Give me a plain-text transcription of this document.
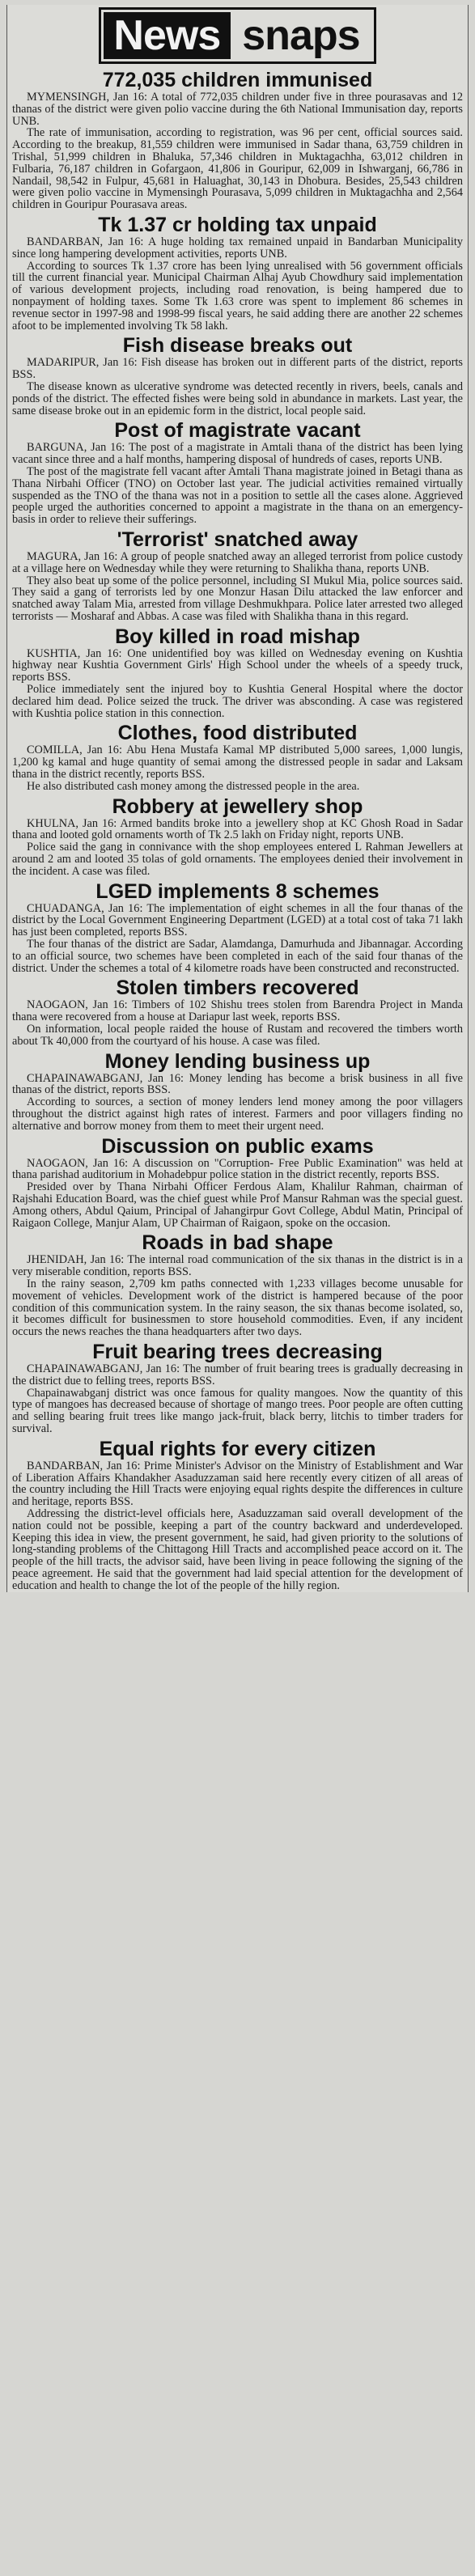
News snaps
772,035 children immunised

MYMENSINGH, Jan 16: A total of 772,035 children under five in three pourasavas and 12 thanas of the district were given polio vaccine during the 6th National Immunisation day, reports UNB.

The rate of immunisation, according to registration, was 96 per cent, official sources said. According to the breakup, 81,559 children were immunised in Sadar thana, 63,759 children in Trishal, 51,999 children in Bhaluka, 57,346 children in Muktagachha, 63,012 children in Fulbaria, 76,187 children in Gofargaon, 41,806 in Gouripur, 62,009 in Ishwarganj, 66,786 in Nandail, 98,542 in Fulpur, 45,681 in Haluaghat, 30,143 in Dhobura. Besides, 25,543 children were given polio vaccine in Mymensingh Pourasava, 5,099 children in Muktagachha and 2,564 children in Gouripur Pourasava areas.

Tk 1.37 cr holding tax unpaid

BANDARBAN, Jan 16: A huge holding tax remained unpaid in Bandarban Municipality since long hampering development activities, reports UNB.

According to sources Tk 1.37 crore has been lying unrealised with 56 government officials till the current financial year. Municipal Chairman Alhaj Ayub Chowdhury said implementation of various development projects, including road renovation, is being hampered due to nonpayment of holding taxes. Some Tk 1.63 crore was spent to implement 86 schemes in revenue sector in 1997-98 and 1998-99 fiscal years, he said adding there are another 22 schemes afoot to be implemented involving Tk 58 lakh.

Fish disease breaks out

MADARIPUR, Jan 16: Fish disease has broken out in different parts of the district, reports BSS.

The disease known as ulcerative syndrome was detected recently in rivers, beels, canals and ponds of the district. The effected fishes were being sold in abundance in markets. Last year, the same disease broke out in an epidemic form in the district, local people said.

Post of magistrate vacant

BARGUNA, Jan 16: The post of a magistrate in Amtali thana of the district has been lying vacant since three and a half months, hampering disposal of hundreds of cases, reports UNB.

The post of the magistrate fell vacant after Amtali Thana magistrate joined in Betagi thana as Thana Nirbahi Officer (TNO) on October last year. The judicial activities remained virtually suspended as the TNO of the thana was not in a position to settle all the cases alone. Aggrieved people urged the authorities concerned to appoint a magistrate in the thana on an emergency-basis in order to relieve their sufferings.

'Terrorist' snatched away

MAGURA, Jan 16: A group of people snatched away an alleged terrorist from police custody at a village here on Wednesday while they were returning to Shalikha thana, reports UNB.

They also beat up some of the police personnel, including SI Mukul Mia, police sources said. They said a gang of terrorists led by one Monzur Hasan Dilu attacked the law enforcer and snatched away Talam Mia, arrested from village Deshmukhpara. Police later arrested two alleged terrorists — Mosharaf and Abbas. A case was filed with Shalikha thana in this regard.

Boy killed in road mishap

KUSHTIA, Jan 16: One unidentified boy was killed on Wednesday evening on Kushtia highway near Kushtia Government Girls' High School under the wheels of a speedy truck, reports BSS.

Police immediately sent the injured boy to Kushtia General Hospital where the doctor declared him dead. Police seized the truck. The driver was absconding. A case was registered with Kushtia police station in this connection.

Clothes, food distributed

COMILLA, Jan 16: Abu Hena Mustafa Kamal MP distributed 5,000 sarees, 1,000 lungis, 1,200 kg kamal and huge quantity of semai among the distressed people in sadar and Laksam thana in the district recently, reports BSS.

He also distributed cash money among the distressed people in the area.

Robbery at jewellery shop

KHULNA, Jan 16: Armed bandits broke into a jewellery shop at KC Ghosh Road in Sadar thana and looted gold ornaments worth of Tk 2.5 lakh on Friday night, reports UNB.

Police said the gang in connivance with the shop employees entered L Rahman Jewellers at around 2 am and looted 35 tolas of gold ornaments. The employees denied their involvement in the incident. A case was filed.

LGED implements 8 schemes

CHUADANGA, Jan 16: The implementation of eight schemes in all the four thanas of the district by the Local Government Engineering Department (LGED) at a total cost of taka 71 lakh has just been completed, reports BSS.

The four thanas of the district are Sadar, Alamdanga, Damurhuda and Jibannagar. According to an official source, two schemes have been completed in each of the said four thanas of the district. Under the schemes a total of 4 kilometre roads have been constructed and reconstructed.

Stolen timbers recovered

NAOGAON, Jan 16: Timbers of 102 Shishu trees stolen from Barendra Project in Manda thana were recovered from a house at Dariapur last week, reports BSS.

On information, local people raided the house of Rustam and recovered the timbers worth about Tk 40,000 from the courtyard of his house. A case was filed.

Money lending business up

CHAPAINAWABGANJ, Jan 16: Money lending has become a brisk business in all five thanas of the district, reports BSS.

According to sources, a section of money lenders lend money among the poor villagers throughout the district against high rates of interest. Farmers and poor villagers finding no alternative and borrow money from them to meet their urgent need.

Discussion on public exams

NAOGAON, Jan 16: A discussion on "Corruption- Free Public Examination" was held at thana parishad auditorium in Mohadebpur police station in the district recently, reports BSS.

Presided over by Thana Nirbahi Officer Ferdous Alam, Khalilur Rahman, chairman of Rajshahi Education Board, was the chief guest while Prof Mansur Rahman was the special guest. Among others, Abdul Qaium, Principal of Jahangirpur Govt College, Abdul Matin, Principal of Raigaon College, Manjur Alam, UP Chairman of Raigaon, spoke on the occasion.

Roads in bad shape

JHENIDAH, Jan 16: The internal road communication of the six thanas in the district is in a very miserable condition, reports BSS.

In the rainy season, 2,709 km paths connected with 1,233 villages become unusable for movement of vehicles. Development work of the district is hampered because of the poor condition of this communication system. In the rainy season, the six thanas become isolated, so, it becomes difficult for businessmen to store household commodities. Even, if any incident occurs the news reaches the thana headquarters after two days.

Fruit bearing trees decreasing

CHAPAINAWABGANJ, Jan 16: The number of fruit bearing trees is gradually decreasing in the district due to felling trees, reports BSS.

Chapainawabganj district was once famous for quality mangoes. Now the quantity of this type of mangoes has decreased because of shortage of mango trees. Poor people are often cutting and selling bearing fruit trees like mango jack-fruit, black berry, litchis to timber traders for survival.

Equal rights for every citizen

BANDARBAN, Jan 16: Prime Minister's Advisor on the Ministry of Establishment and War of Liberation Affairs Khandakher Asaduzzaman said here recently every citizen of all areas of the country including the Hill Tracts were enjoying equal rights despite the differences in culture and heritage, reports BSS.

Addressing the district-level officials here, Asaduzzaman said overall development of the nation could not be possible, keeping a part of the country backward and underdeveloped. Keeping this idea in view, the present government, he said, had given priority to the solutions of long-standing problems of the Chittagong Hill Tracts and accomplished peace accord on it. The people of the hill tracts, the advisor said, have been living in peace following the signing of the peace agreement. He said that the government had laid special attention for the development of education and health to change the lot of the people of the hilly region.
